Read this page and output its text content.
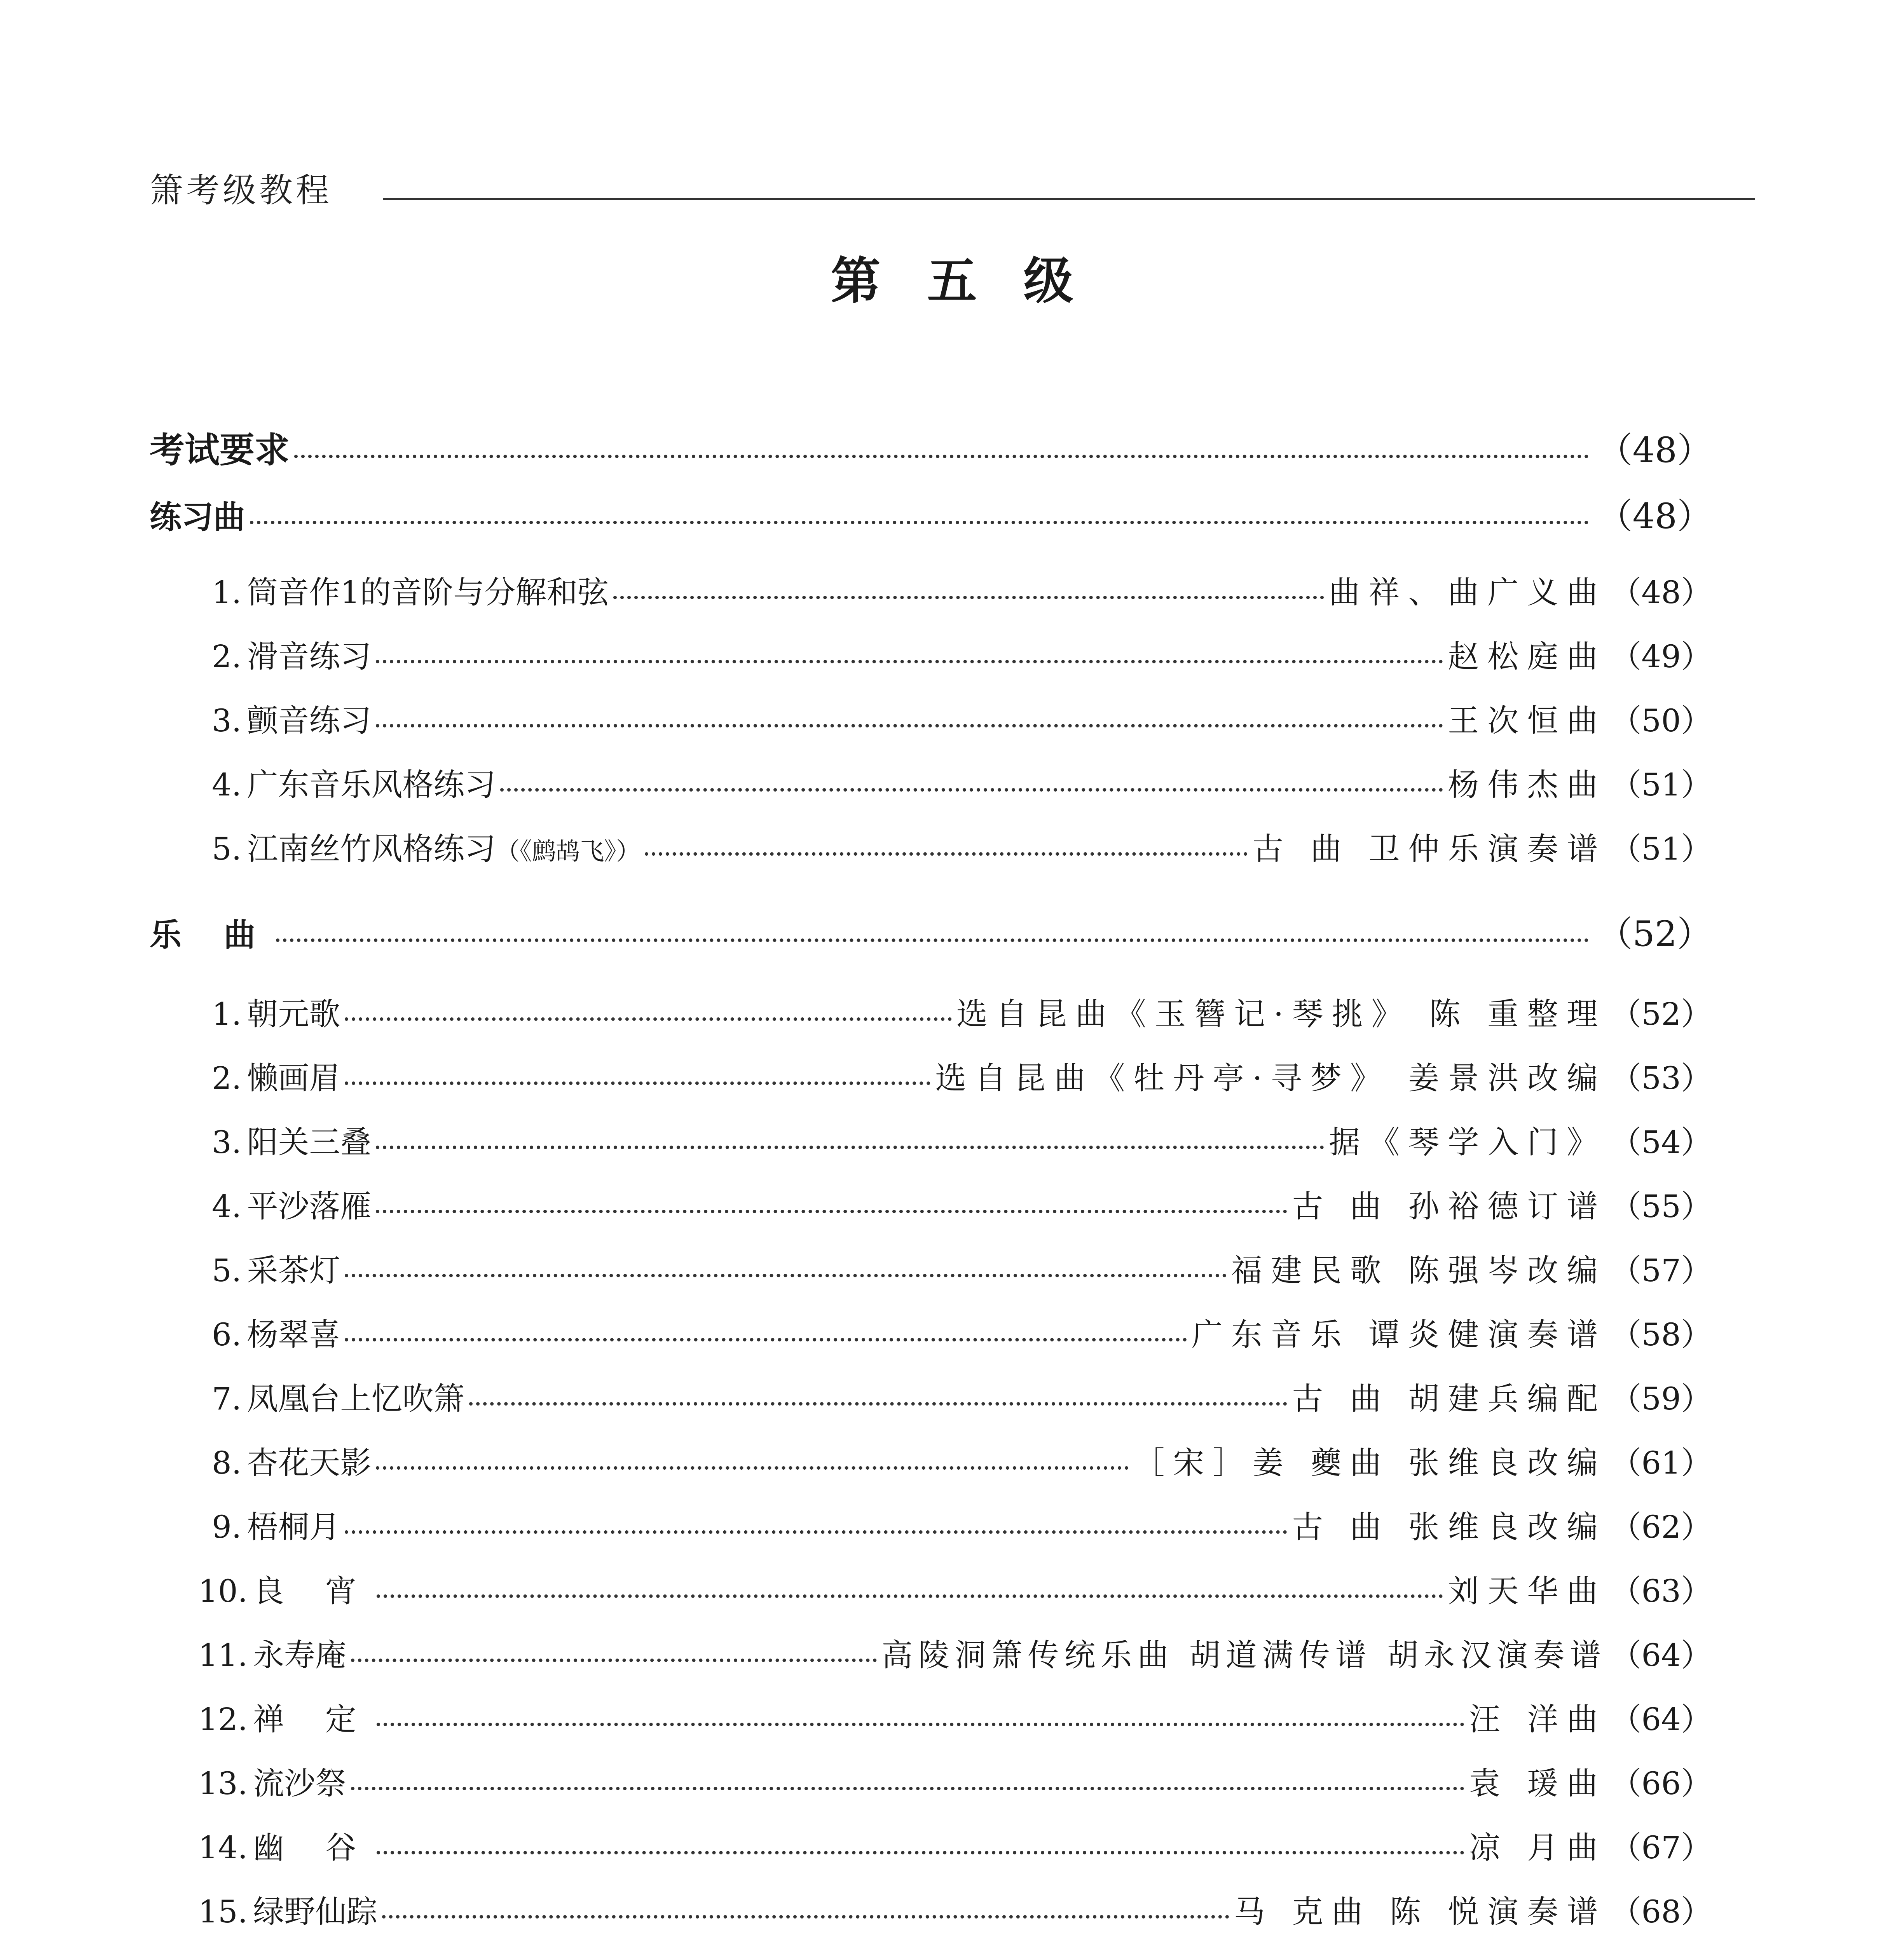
箫考级教程
第五级
考试要求	（48）
练习曲	（48）
1. 筒音作1的音阶与分解和弦	曲祥、曲广义曲 （48）
2. 滑音练习	赵松庭曲 （49）
3. 颤音练习	王次恒曲 （50）
4. 广东音乐风格练习	杨伟杰曲 （51）
5. 江南丝竹风格练习 （《鹧鸪飞》）	古 曲 卫仲乐演奏谱 （51）
乐 曲	（52）
1. 朝元歌	选自昆曲《玉簪记·琴挑》 陈 重整理 （52）
2. 懒画眉	选自昆曲《牡丹亭·寻梦》 姜景洪改编 （53）
3. 阳关三叠	据《琴学入门》 （54）
4. 平沙落雁	古 曲 孙裕德订谱 （55）
5. 采茶灯	福建民歌 陈强岑改编 （57）
6. 杨翠喜	广东音乐 谭炎健演奏谱 （58）
7. 凤凰台上忆吹箫	古 曲 胡建兵编配 （59）
8. 杏花天影	［宋］姜 夔曲 张维良改编 （61）
9. 梧桐月	古 曲 张维良改编 （62）
10. 良 宵	刘天华曲 （63）
11. 永寿庵	高陵洞箫传统乐曲 胡道满传谱 胡永汉演奏谱 （64）
12. 禅 定	汪 洋曲 （64）
13. 流沙祭	袁 瑗曲 （66）
14. 幽 谷	凉 月曲 （67）
15. 绿野仙踪	马 克曲 陈 悦演奏谱 （68）
